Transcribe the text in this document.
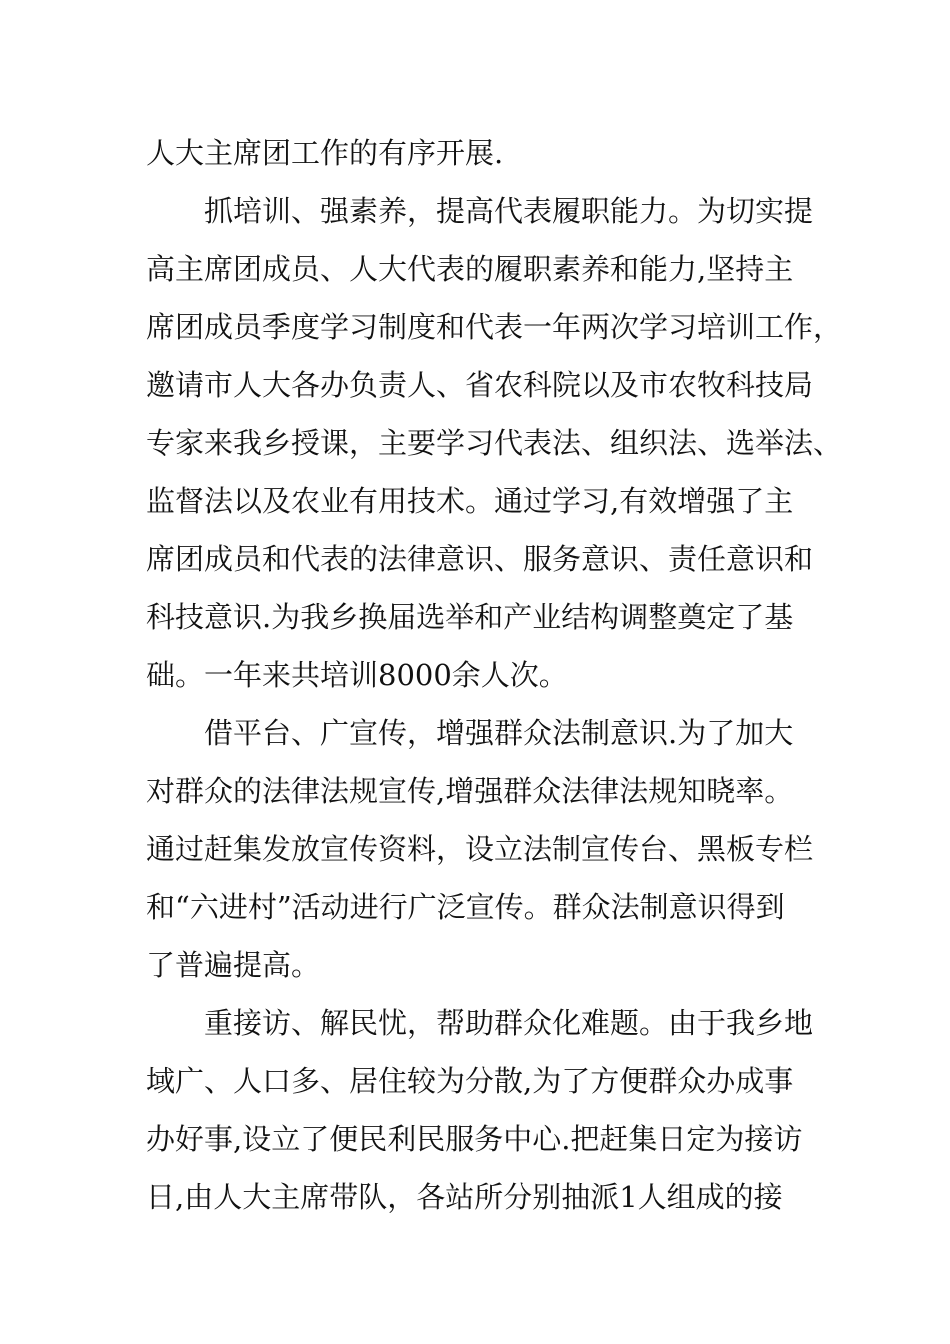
人大主席团工作的有序开展.
抓培训、强素养，提高代表履职能力。为切实提
高主席团成员、人大代表的履职素养和能力,坚持主
席团成员季度学习制度和代表一年两次学习培训工作，
邀请市人大各办负责人、省农科院以及市农牧科技局
专家来我乡授课，主要学习代表法、组织法、选举法、
监督法以及农业有用技术。通过学习,有效增强了主
席团成员和代表的法律意识、服务意识、责任意识和
科技意识.为我乡换届选举和产业结构调整奠定了基
础。一年来共培训8000余人次。
借平台、广宣传，增强群众法制意识.为了加大
对群众的法律法规宣传,增强群众法律法规知晓率。
通过赶集发放宣传资料，设立法制宣传台、黑板专栏
和“六进村”活动进行广泛宣传。群众法制意识得到
了普遍提高。
重接访、解民忧，帮助群众化难题。由于我乡地
域广、人口多、居住较为分散,为了方便群众办成事
办好事,设立了便民利民服务中心.把赶集日定为接访
日,由人大主席带队，各站所分别抽派1人组成的接
